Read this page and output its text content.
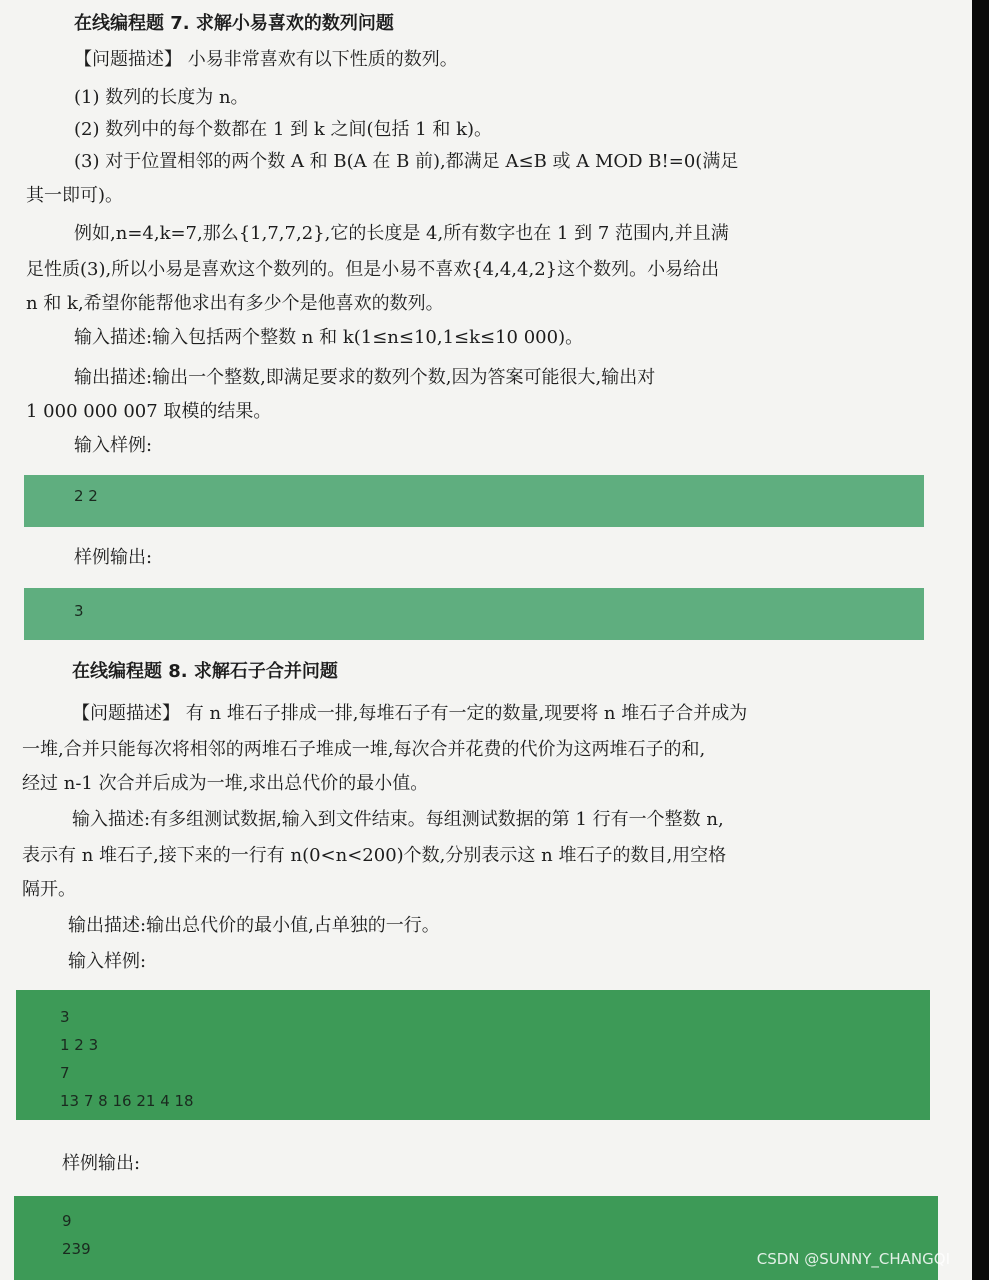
在线编程题 7. 求解小易喜欢的数列问题
【问题描述】 小易非常喜欢有以下性质的数列。
(1) 数列的长度为 n。
(2) 数列中的每个数都在 1 到 k 之间(包括 1 和 k)。
(3) 对于位置相邻的两个数 A 和 B(A 在 B 前),都满足 A≤B 或 A MOD B!=0(满足
其一即可)。
例如,n=4,k=7,那么{1,7,7,2},它的长度是 4,所有数字也在 1 到 7 范围内,并且满
足性质(3),所以小易是喜欢这个数列的。但是小易不喜欢{4,4,4,2}这个数列。小易给出
n 和 k,希望你能帮他求出有多少个是他喜欢的数列。
输入描述:输入包括两个整数 n 和 k(1≤n≤10,1≤k≤10 000)。
输出描述:输出一个整数,即满足要求的数列个数,因为答案可能很大,输出对
1 000 000 007 取模的结果。
输入样例:
2 2
样例输出:
3
在线编程题 8. 求解石子合并问题
【问题描述】 有 n 堆石子排成一排,每堆石子有一定的数量,现要将 n 堆石子合并成为
一堆,合并只能每次将相邻的两堆石子堆成一堆,每次合并花费的代价为这两堆石子的和,
经过 n-1 次合并后成为一堆,求出总代价的最小值。
输入描述:有多组测试数据,输入到文件结束。每组测试数据的第 1 行有一个整数 n,
表示有 n 堆石子,接下来的一行有 n(0<n<200)个数,分别表示这 n 堆石子的数目,用空格
隔开。
输出描述:输出总代价的最小值,占单独的一行。
输入样例:
3
1 2 3
7
13 7 8 16 21 4 18
样例输出:
9
239
CSDN @SUNNY_CHANGQI
